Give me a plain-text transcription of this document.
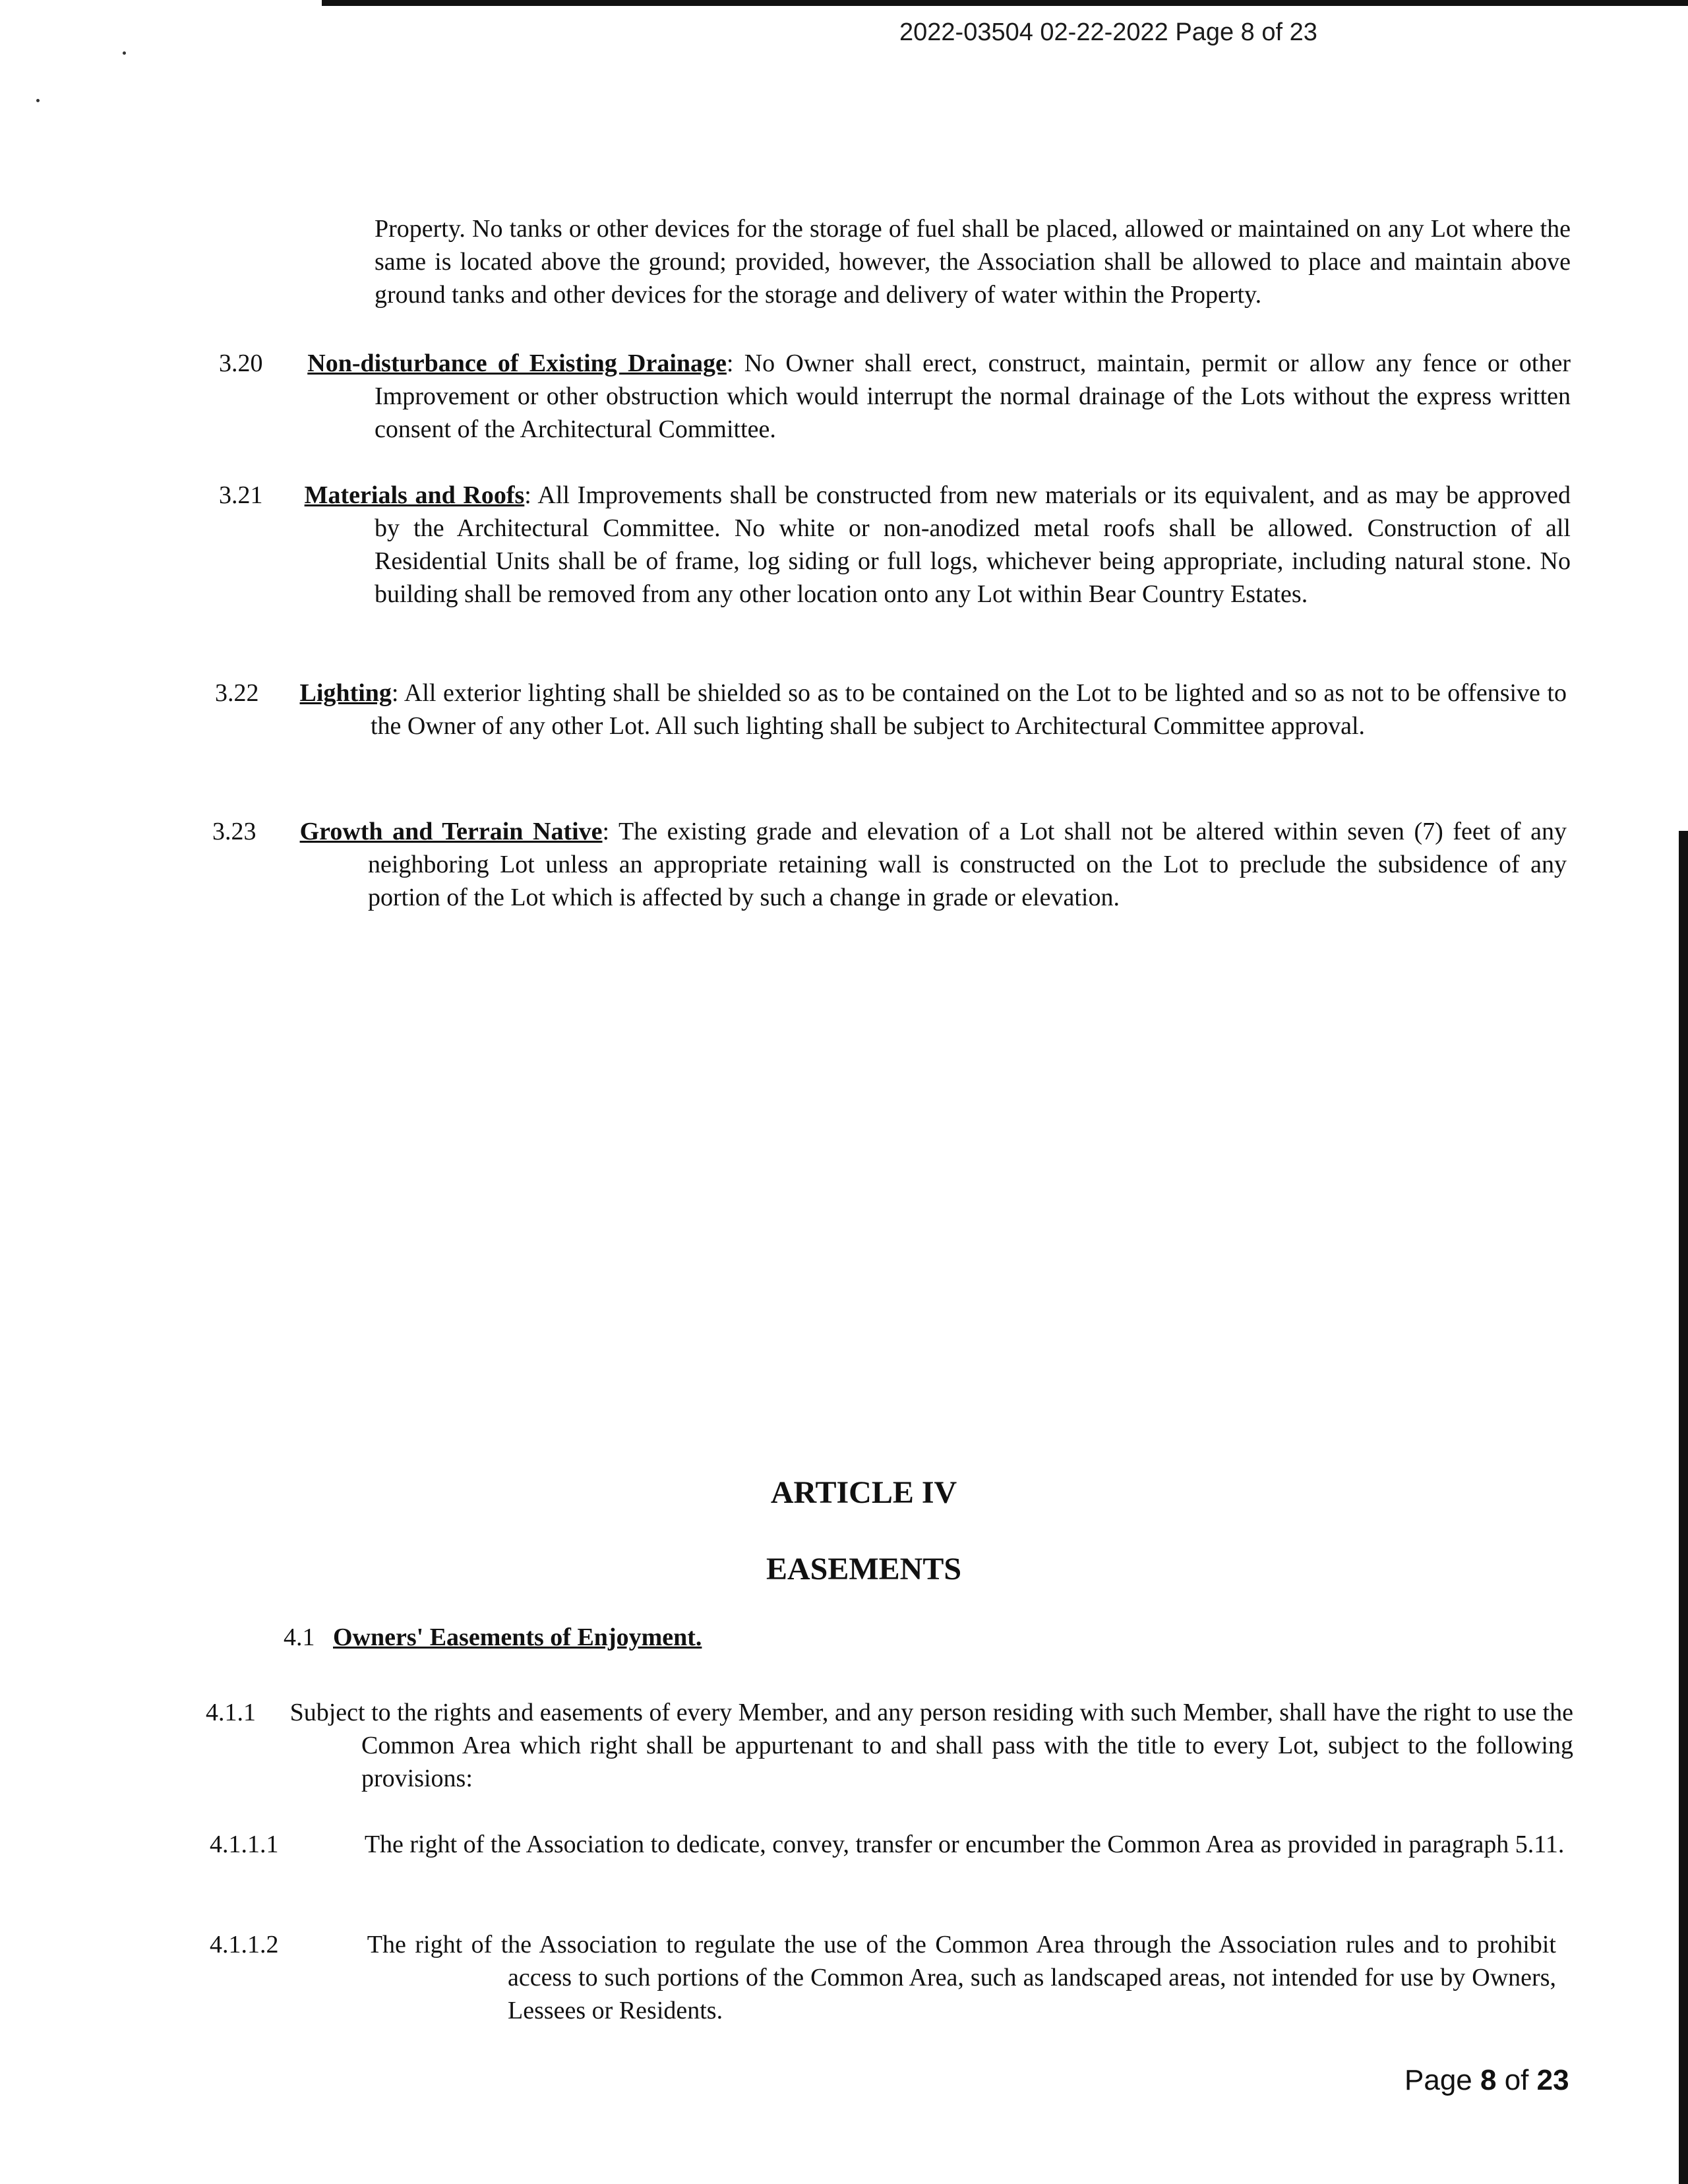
2022-03504 02-22-2022 Page 8 of 23
Property. No tanks or other devices for the storage of fuel shall be placed, allowed or maintained on any Lot where the same is located above the ground; provided, however, the Association shall be allowed to place and maintain above ground tanks and other devices for the storage and delivery of water within the Property.
3.20 Non-disturbance of Existing Drainage: No Owner shall erect, construct, maintain, permit or allow any fence or other Improvement or other obstruction which would interrupt the normal drainage of the Lots without the express written consent of the Architectural Committee.
3.21 Materials and Roofs: All Improvements shall be constructed from new materials or its equivalent, and as may be approved by the Architectural Committee. No white or non-anodized metal roofs shall be allowed. Construction of all Residential Units shall be of frame, log siding or full logs, whichever being appropriate, including natural stone. No building shall be removed from any other location onto any Lot within Bear Country Estates.
3.22 Lighting: All exterior lighting shall be shielded so as to be contained on the Lot to be lighted and so as not to be offensive to the Owner of any other Lot. All such lighting shall be subject to Architectural Committee approval.
3.23 Growth and Terrain Native: The existing grade and elevation of a Lot shall not be altered within seven (7) feet of any neighboring Lot unless an appropriate retaining wall is constructed on the Lot to preclude the subsidence of any portion of the Lot which is affected by such a change in grade or elevation.
ARTICLE IV
EASEMENTS
4.1 Owners' Easements of Enjoyment.
4.1.1 Subject to the rights and easements of every Member, and any person residing with such Member, shall have the right to use the Common Area which right shall be appurtenant to and shall pass with the title to every Lot, subject to the following provisions:
4.1.1.1	The right of the Association to dedicate, convey, transfer or encumber the Common Area as provided in paragraph 5.11.
4.1.1.2	The right of the Association to regulate the use of the Common Area through the Association rules and to prohibit access to such portions of the Common Area, such as landscaped areas, not intended for use by Owners, Lessees or Residents.
Page 8 of 23
